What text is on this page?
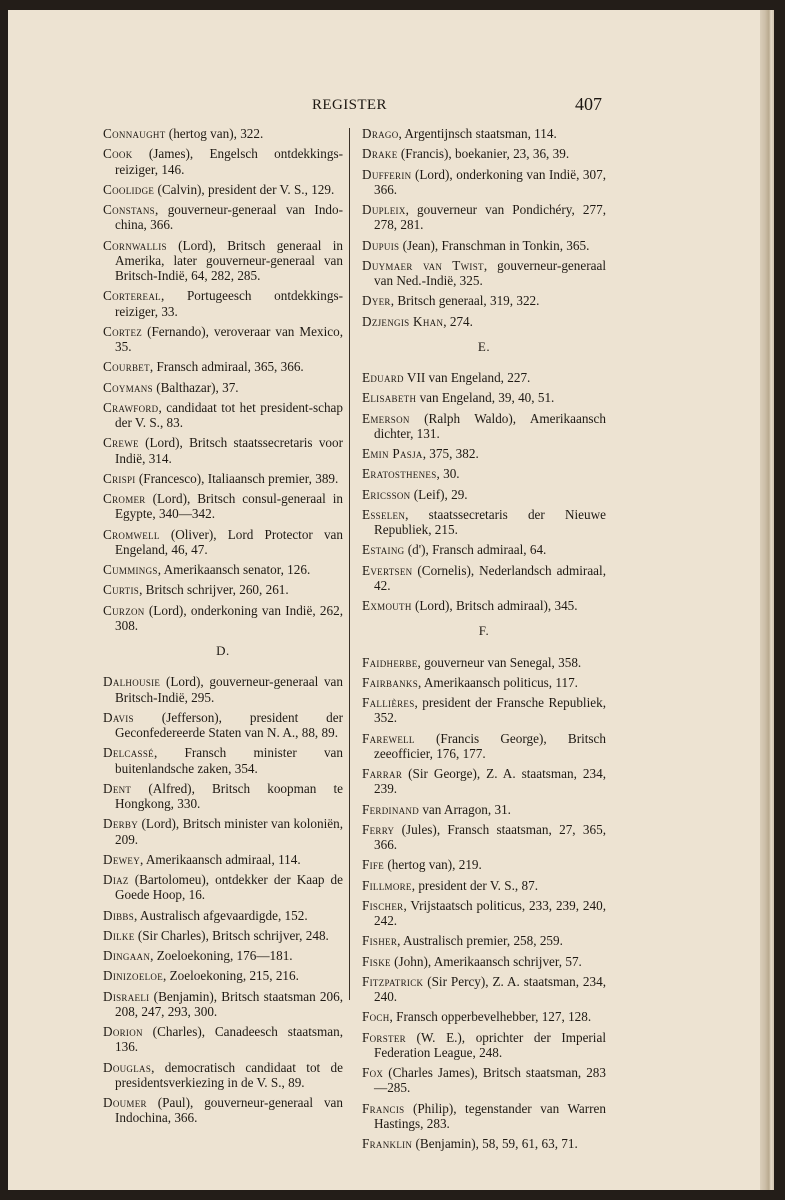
REGISTER	407
Connaught (hertog van), 322.
Cook (James), Engelsch ontdekkings-reiziger, 146.
Coolidge (Calvin), president der V. S., 129.
Constans, gouverneur-generaal van Indo-china, 366.
Cornwallis (Lord), Britsch generaal in Amerika, later gouverneur-generaal van Britsch-Indië, 64, 282, 285.
Cortereal, Portugeesch ontdekkings-reiziger, 33.
Cortez (Fernando), veroveraar van Mexico, 35.
Courbet, Fransch admiraal, 365, 366.
Coymans (Balthazar), 37.
Crawford, candidaat tot het president-schap der V. S., 83.
Crewe (Lord), Britsch staatssecretaris voor Indië, 314.
Crispi (Francesco), Italiaansch premier, 389.
Cromer (Lord), Britsch consul-generaal in Egypte, 340—342.
Cromwell (Oliver), Lord Protector van Engeland, 46, 47.
Cummings, Amerikaansch senator, 126.
Curtis, Britsch schrijver, 260, 261.
Curzon (Lord), onderkoning van Indië, 262, 308.
D.
Dalhousie (Lord), gouverneur-generaal van Britsch-Indië, 295.
Davis (Jefferson), president der Geconfedereerde Staten van N. A., 88, 89.
Delcassé, Fransch minister van buitenlandsche zaken, 354.
Dent (Alfred), Britsch koopman te Hongkong, 330.
Derby (Lord), Britsch minister van koloniën, 209.
Dewey, Amerikaansch admiraal, 114.
Diaz (Bartolomeu), ontdekker der Kaap de Goede Hoop, 16.
Dibbs, Australisch afgevaardigde, 152.
Dilke (Sir Charles), Britsch schrijver, 248.
Dingaan, Zoeloekoning, 176—181.
Dinizoeloe, Zoeloekoning, 215, 216.
Disraeli (Benjamin), Britsch staatsman 206, 208, 247, 293, 300.
Dorion (Charles), Canadeesch staatsman, 136.
Douglas, democratisch candidaat tot de presidentsverkiezing in de V. S., 89.
Doumer (Paul), gouverneur-generaal van Indochina, 366.
Drago, Argentijnsch staatsman, 114.
Drake (Francis), boekanier, 23, 36, 39.
Dufferin (Lord), onderkoning van Indië, 307, 366.
Dupleix, gouverneur van Pondichéry, 277, 278, 281.
Dupuis (Jean), Franschman in Tonkin, 365.
Duymaer van Twist, gouverneur-generaal van Ned.-Indië, 325.
Dyer, Britsch generaal, 319, 322.
Dzjengis Khan, 274.
E.
Eduard VII van Engeland, 227.
Elisabeth van Engeland, 39, 40, 51.
Emerson (Ralph Waldo), Amerikaansch dichter, 131.
Emin Pasja, 375, 382.
Eratosthenes, 30.
Ericsson (Leif), 29.
Esselen, staatssecretaris der Nieuwe Republiek, 215.
Estaing (d'), Fransch admiraal, 64.
Evertsen (Cornelis), Nederlandsch admiraal, 42.
Exmouth (Lord), Britsch admiraal), 345.
F.
Faidherbe, gouverneur van Senegal, 358.
Fairbanks, Amerikaansch politicus, 117.
Fallières, president der Fransche Republiek, 352.
Farewell (Francis George), Britsch zeeofficier, 176, 177.
Farrar (Sir George), Z. A. staatsman, 234, 239.
Ferdinand van Arragon, 31.
Ferry (Jules), Fransch staatsman, 27, 365, 366.
Fife (hertog van), 219.
Fillmore, president der V. S., 87.
Fischer, Vrijstaatsch politicus, 233, 239, 240, 242.
Fisher, Australisch premier, 258, 259.
Fiske (John), Amerikaansch schrijver, 57.
Fitzpatrick (Sir Percy), Z. A. staatsman, 234, 240.
Foch, Fransch opperbevelhebber, 127, 128.
Forster (W. E.), oprichter der Imperial Federation League, 248.
Fox (Charles James), Britsch staatsman, 283—285.
Francis (Philip), tegenstander van Warren Hastings, 283.
Franklin (Benjamin), 58, 59, 61, 63, 71.
